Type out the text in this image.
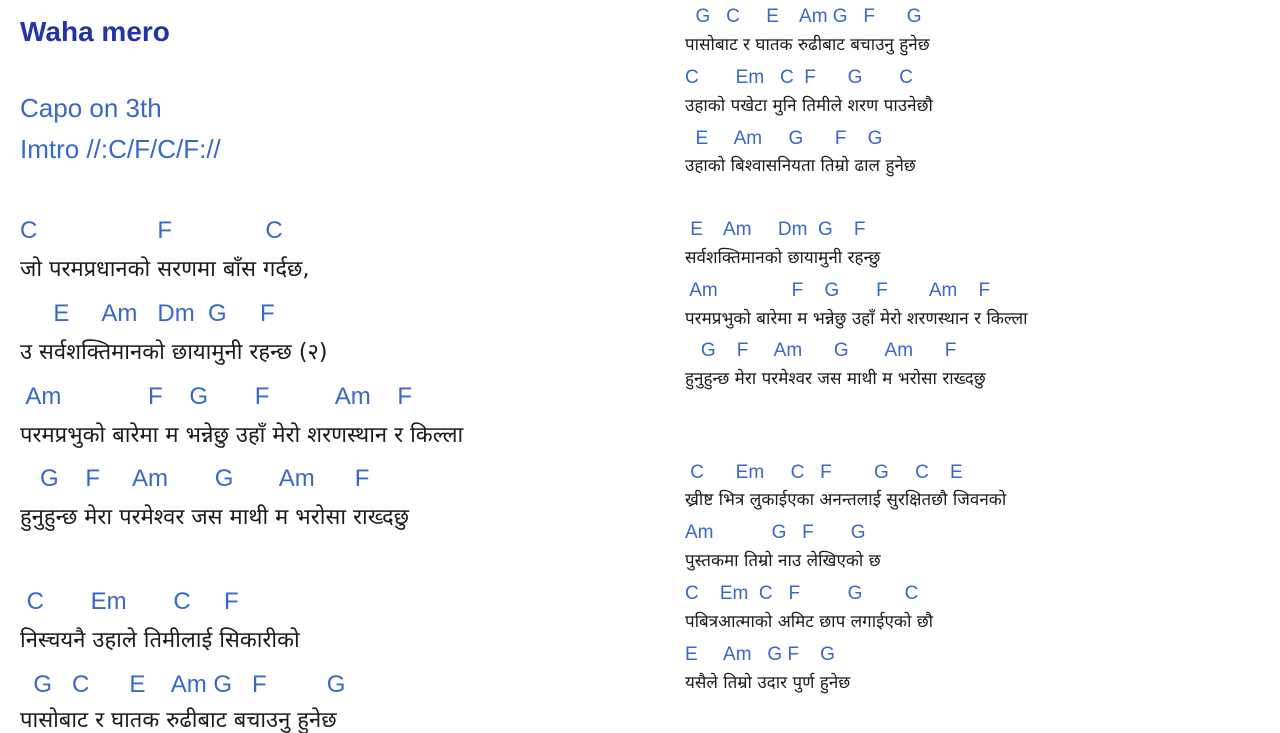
Waha mero
Capo on 3th
Imtro //:C/F/C/F://
C                  F              C
जो परमप्रधानको सरणमा बाँस गर्दछ,
E     Am   Dm  G     F
उ सर्वशक्तिमानको छायामुनी रहन्छ (२)
Am             F    G       F          Am    F
परमप्रभुको बारेमा म भन्नेछु उहाँ मेरो शरणस्थान र किल्ला
G    F     Am       G       Am      F
हुनुहुन्छ मेरा परमेश्वर जस माथी म भरोसा राख्दछु
C       Em       C     F
निस्चयनै उहाले तिमीलाई सिकारीको
G   C      E    Am G   F         G
पासोबाट र घातक रुढीबाट बचाउनु हुनेछ
G   C     E    Am G   F      G
पासोबाट र घातक रुढीबाट बचाउनु हुनेछ
C       Em   C  F      G       C
उहाको पखेटा मुनि तिमीले शरण पाउनेछौ
E     Am     G      F    G
उहाको बिश्वासनियता तिम्रो ढाल हुनेछ
E    Am     Dm  G    F
सर्वशक्तिमानको छायामुनी रहन्छु
Am              F    G       F        Am    F
परमप्रभुको बारेमा म भन्नेछु उहाँ मेरो शरणस्थान र किल्ला
G    F     Am      G       Am      F
हुनुहुन्छ मेरा परमेश्वर जस माथी म भरोसा राख्दछु
C      Em     C   F        G     C    E
ख्रीष्ट भित्र लुकाईएका अनन्तलाई सुरक्षितछौ जिवनको
Am           G   F       G
पुस्तकमा तिम्रो नाउ लेखिएको छ
C    Em  C   F         G        C
पबित्रआत्माको अमिट छाप लगाईएको छौ
E     Am   G F    G
यसैले तिम्रो उदार पुर्ण हुनेछ
